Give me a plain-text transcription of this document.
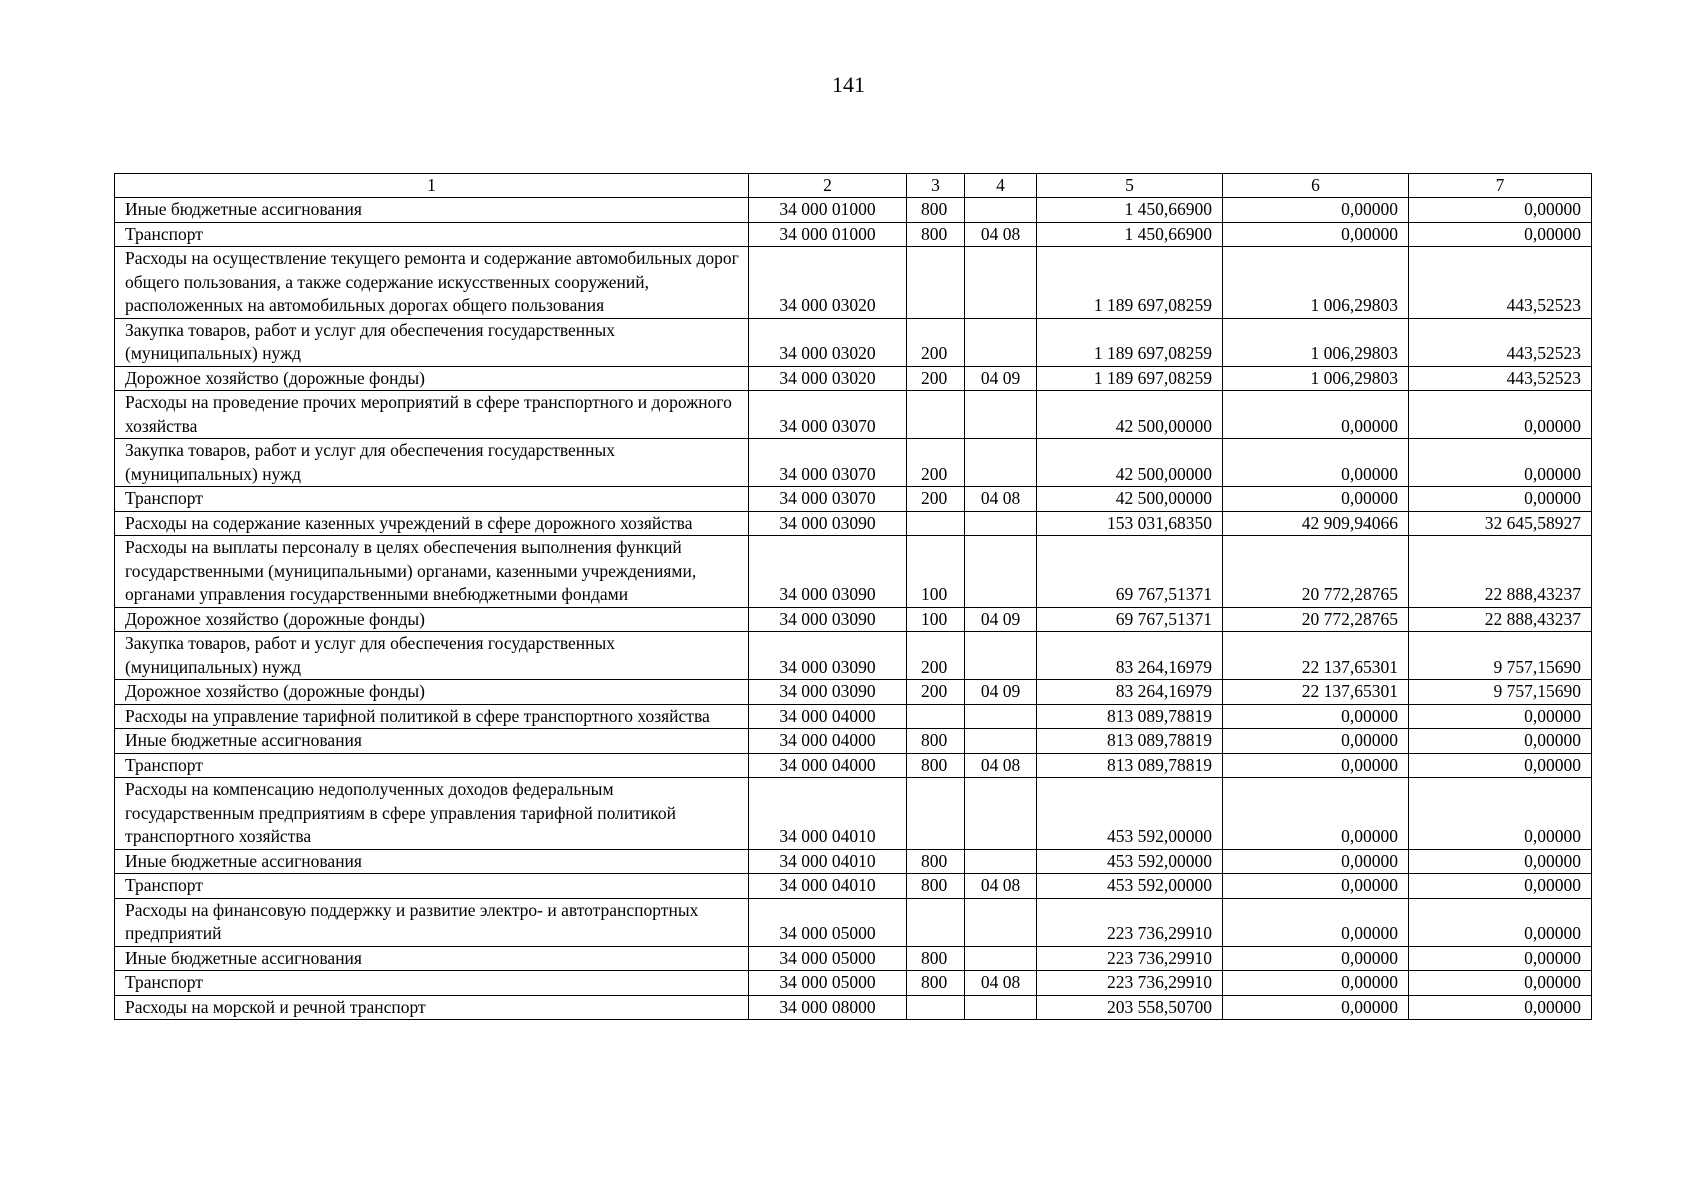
141
1	2	3	4	5	6	7
Иные бюджетные ассигнования	34 000 01000	800		1 450,66900	0,00000	0,00000
Транспорт	34 000 01000	800	04 08	1 450,66900	0,00000	0,00000
Расходы на осуществление текущего ремонта и содержание автомобильных дорог общего пользования, а также содержание искусственных сооружений, расположенных на автомобильных дорогах общего пользования	34 000 03020			1 189 697,08259	1 006,29803	443,52523
Закупка товаров, работ и услуг для обеспечения государственных (муниципальных) нужд	34 000 03020	200		1 189 697,08259	1 006,29803	443,52523
Дорожное хозяйство (дорожные фонды)	34 000 03020	200	04 09	1 189 697,08259	1 006,29803	443,52523
Расходы на проведение прочих мероприятий в сфере транспортного и дорожного хозяйства	34 000 03070			42 500,00000	0,00000	0,00000
Закупка товаров, работ и услуг для обеспечения государственных (муниципальных) нужд	34 000 03070	200		42 500,00000	0,00000	0,00000
Транспорт	34 000 03070	200	04 08	42 500,00000	0,00000	0,00000
Расходы на содержание казенных учреждений в сфере дорожного хозяйства	34 000 03090			153 031,68350	42 909,94066	32 645,58927
Расходы на выплаты персоналу в целях обеспечения выполнения функций государственными (муниципальными) органами, казенными учреждениями, органами управления государственными внебюджетными фондами	34 000 03090	100		69 767,51371	20 772,28765	22 888,43237
Дорожное хозяйство (дорожные фонды)	34 000 03090	100	04 09	69 767,51371	20 772,28765	22 888,43237
Закупка товаров, работ и услуг для обеспечения государственных (муниципальных) нужд	34 000 03090	200		83 264,16979	22 137,65301	9 757,15690
Дорожное хозяйство (дорожные фонды)	34 000 03090	200	04 09	83 264,16979	22 137,65301	9 757,15690
Расходы на управление тарифной политикой в сфере транспортного хозяйства	34 000 04000			813 089,78819	0,00000	0,00000
Иные бюджетные ассигнования	34 000 04000	800		813 089,78819	0,00000	0,00000
Транспорт	34 000 04000	800	04 08	813 089,78819	0,00000	0,00000
Расходы на компенсацию недополученных доходов федеральным государственным предприятиям в сфере управления тарифной политикой транспортного хозяйства	34 000 04010			453 592,00000	0,00000	0,00000
Иные бюджетные ассигнования	34 000 04010	800		453 592,00000	0,00000	0,00000
Транспорт	34 000 04010	800	04 08	453 592,00000	0,00000	0,00000
Расходы на финансовую поддержку и развитие электро- и автотранспортных предприятий	34 000 05000			223 736,29910	0,00000	0,00000
Иные бюджетные ассигнования	34 000 05000	800		223 736,29910	0,00000	0,00000
Транспорт	34 000 05000	800	04 08	223 736,29910	0,00000	0,00000
Расходы на морской и речной транспорт	34 000 08000			203 558,50700	0,00000	0,00000
